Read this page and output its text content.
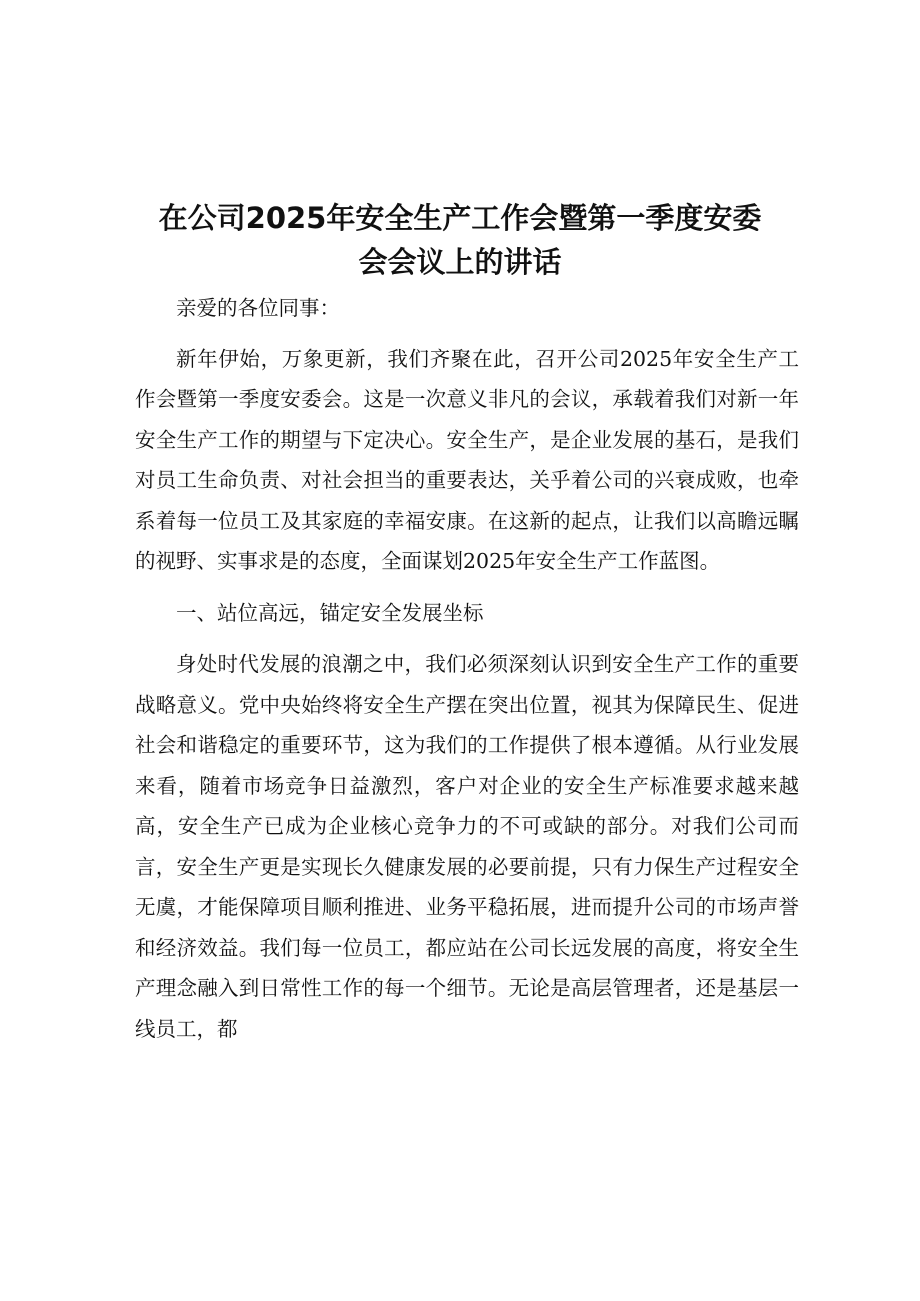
在公司2025年安全生产工作会暨第一季度安委
会会议上的讲话

亲爱的各位同事：

新年伊始，万象更新，我们齐聚在此，召开公司2025年安全生产工作会暨第一季度安委会。这是一次意义非凡的会议，承载着我们对新一年安全生产工作的期望与下定决心。安全生产，是企业发展的基石，是我们对员工生命负责、对社会担当的重要表达，关乎着公司的兴衰成败，也牵系着每一位员工及其家庭的幸福安康。在这新的起点，让我们以高瞻远瞩的视野、实事求是的态度，全面谋划2025年安全生产工作蓝图。

一、站位高远，锚定安全发展坐标

身处时代发展的浪潮之中，我们必须深刻认识到安全生产工作的重要战略意义。党中央始终将安全生产摆在突出位置，视其为保障民生、促进社会和谐稳定的重要环节，这为我们的工作提供了根本遵循。从行业发展来看，随着市场竞争日益激烈，客户对企业的安全生产标准要求越来越高，安全生产已成为企业核心竞争力的不可或缺的部分。对我们公司而言，安全生产更是实现长久健康发展的必要前提，只有力保生产过程安全无虞，才能保障项目顺利推进、业务平稳拓展，进而提升公司的市场声誉和经济效益。我们每一位员工，都应站在公司长远发展的高度，将安全生产理念融入到日常性工作的每一个细节。无论是高层管理者，还是基层一线员工，都
